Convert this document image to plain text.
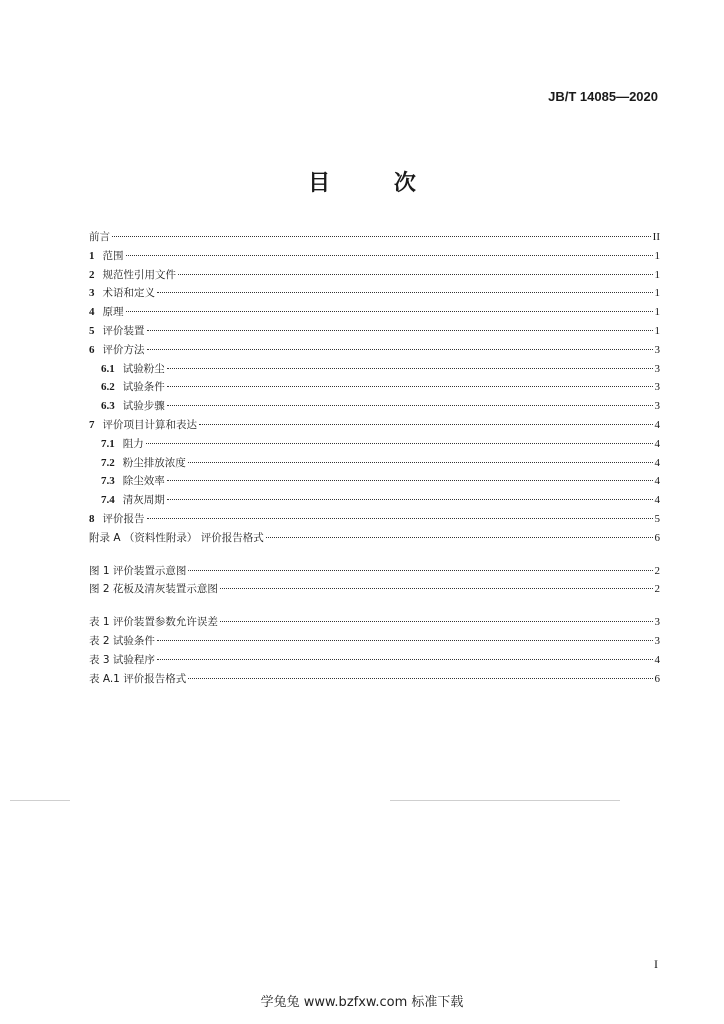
JB/T 14085—2020
目 次
前言	II
1 范围	1
2 规范性引用文件	1
3 术语和定义	1
4 原理	1
5 评价装置	1
6 评价方法	3
6.1 试验粉尘	3
6.2 试验条件	3
6.3 试验步骤	3
7 评价项目计算和表达	4
7.1 阻力	4
7.2 粉尘排放浓度	4
7.3 除尘效率	4
7.4 清灰周期	4
8 评价报告	5
附录 A （资料性附录） 评价报告格式	6
图 1 评价装置示意图	2
图 2 花板及清灰装置示意图	2
表 1 评价装置参数允许误差	3
表 2 试验条件	3
表 3 试验程序	4
表 A.1 评价报告格式	6
I
学兔兔 www.bzfxw.com 标准下载
